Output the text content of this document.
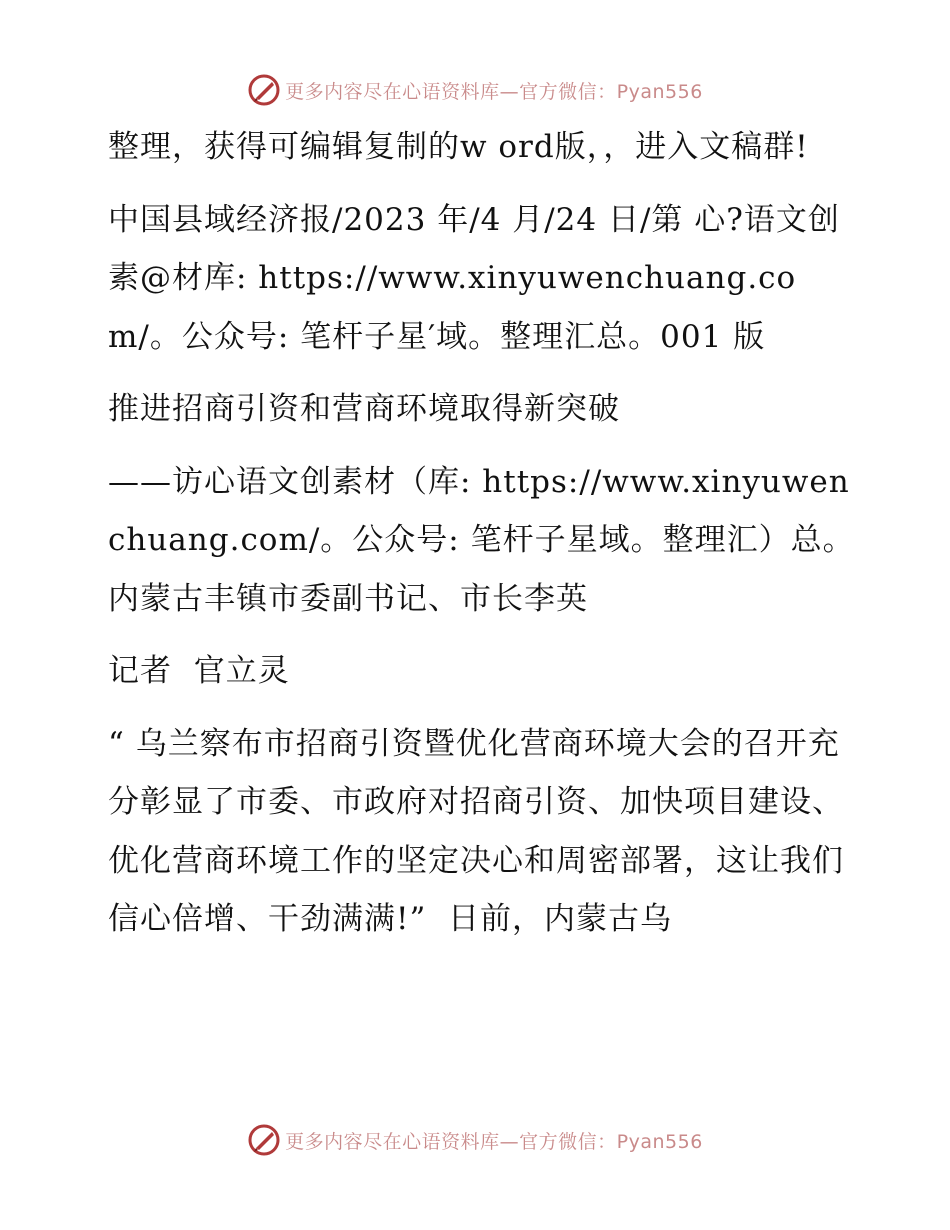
更多内容尽在心语资料库—官方微信：Pyan556

整理，获得可编辑复制的w ord版，，进入文稿群!

中国县域经济报/2023 年/4 月/24 日/第 心?语文创素@材库: https://www.xinyuwenchuang.com/。公众号: 笔杆子星′域。整理汇总。001 版

推进招商引资和营商环境取得新突破

——访心语文创素材（库: https://www.xinyuwenchuang.com/。公众号: 笔杆子星域。整理汇）总。内蒙古丰镇市委副书记、市长李英

记者  官立灵

“ 乌兰察布市招商引资暨优化营商环境大会的召开充分彰显了市委、市政府对招商引资、加快项目建设、优化营商环境工作的坚定决心和周密部署，这让我们信心倍增、干劲满满!”  日前，内蒙古乌

更多内容尽在心语资料库—官方微信：Pyan556
